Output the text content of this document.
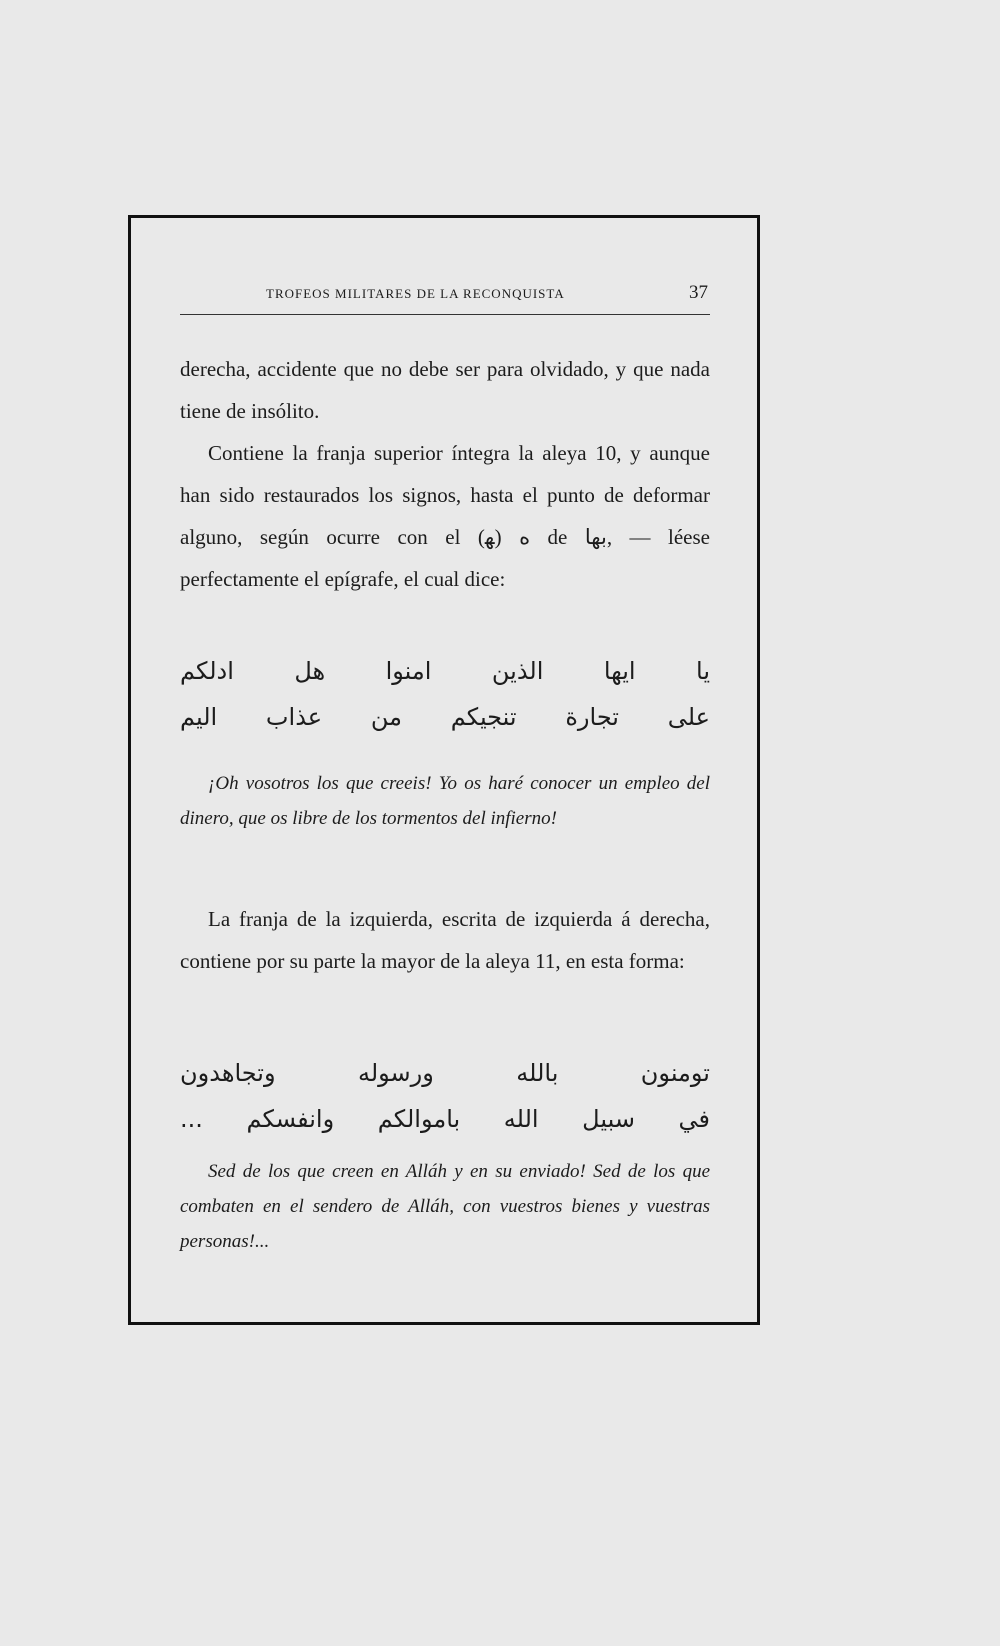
TROFEOS MILITARES DE LA RECONQUISTA	37

derecha, accidente que no debe ser para olvidado, y que nada tiene de insólito.

Contiene la franja superior íntegra la aleya 10, y aunque han sido restaurados los signos, hasta el punto de deformar alguno, según ocurre con el ه (ﻬ) de بها, — léese perfectamente el epígrafe, el cual dice:

يا ايها الذين امنوا هل ادلكم
على تجارة تنجيكم من عذاب اليم

¡Oh vosotros los que creeis! Yo os haré conocer un empleo del dinero, que os libre de los tormentos del infierno!

La franja de la izquierda, escrita de izquierda á derecha, contiene por su parte la mayor de la aleya 11, en esta forma:

تومنون بالله ورسوله وتجاهدون
في سبيل الله باموالكم وانفسكم ...

Sed de los que creen en Alláh y en su enviado! Sed de los que combaten en el sendero de Alláh, con vuestros bienes y vuestras personas!...
